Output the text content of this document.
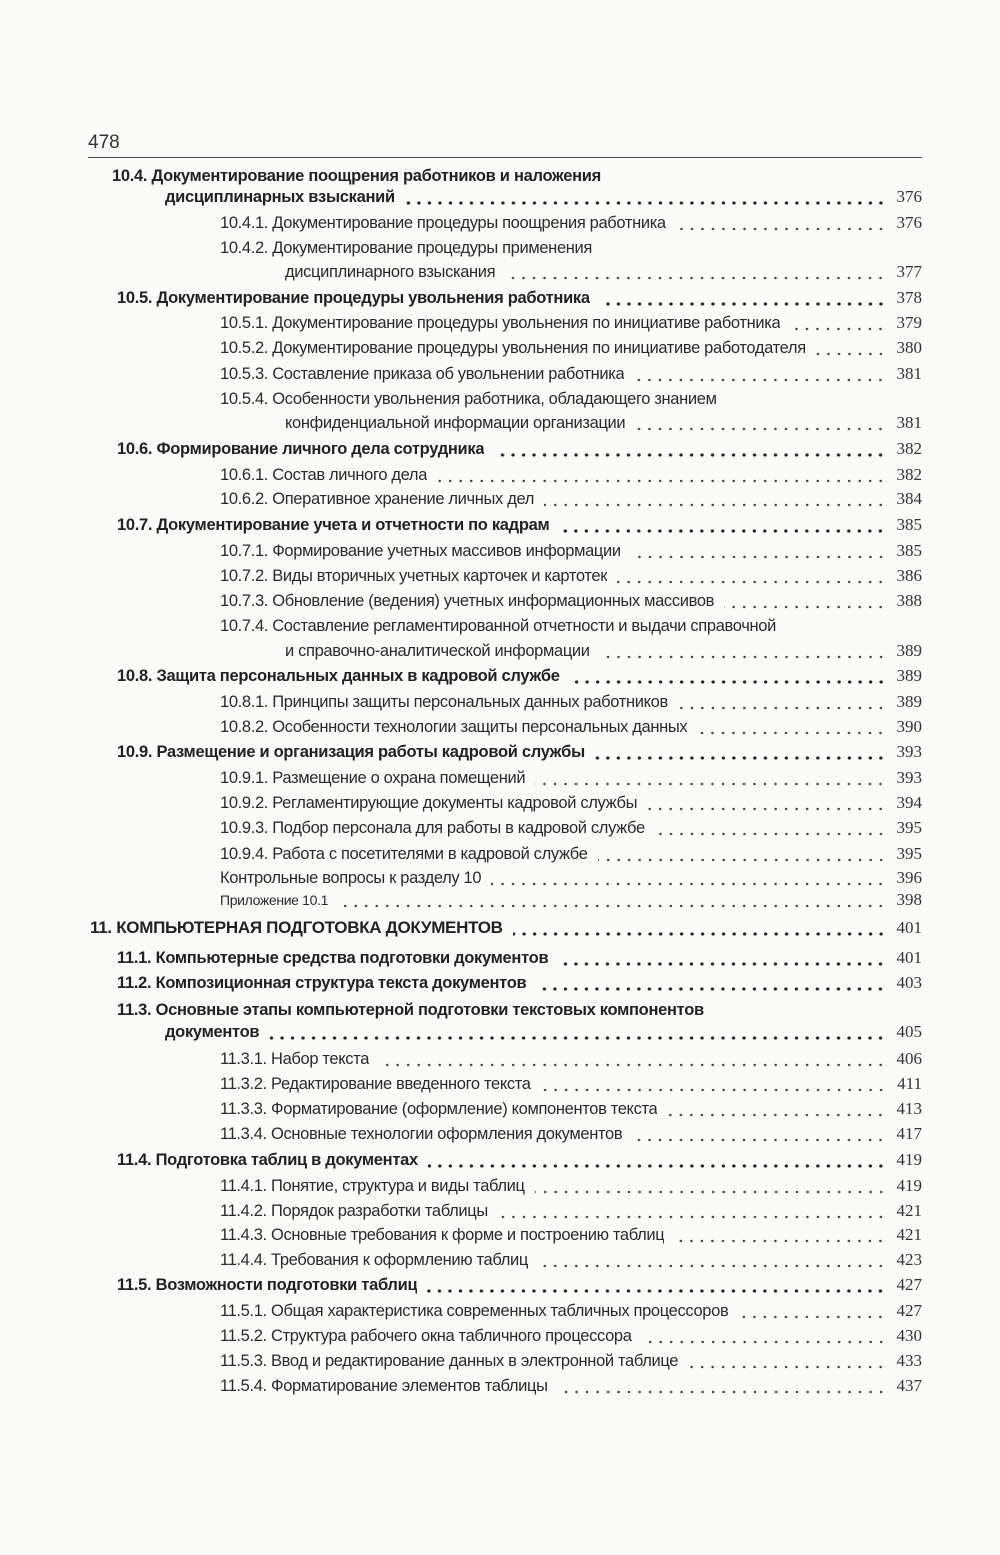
478
10.4. Документирование поощрения работников и наложения
дисциплинарных взысканий	376
10.4.1. Документирование процедуры поощрения работника	376
10.4.2. Документирование процедуры применения
дисциплинарного взыскания	377
10.5. Документирование процедуры увольнения работника	378
10.5.1. Документирование процедуры увольнения по инициативе работника	379
10.5.2. Документирование процедуры увольнения по инициативе работодателя	380
10.5.3. Составление приказа об увольнении работника	381
10.5.4. Особенности увольнения работника, обладающего знанием
конфиденциальной информации организации	381
10.6. Формирование личного дела сотрудника	382
10.6.1. Состав личного дела	382
10.6.2. Оперативное хранение личных дел	384
10.7. Документирование учета и отчетности по кадрам	385
10.7.1. Формирование учетных массивов информации	385
10.7.2. Виды вторичных учетных карточек и картотек	386
10.7.3. Обновление (ведения) учетных информационных массивов	388
10.7.4. Составление регламентированной отчетности и выдачи справочной
и справочно-аналитической информации	389
10.8. Защита персональных данных в кадровой службе	389
10.8.1. Принципы защиты персональных данных работников	389
10.8.2. Особенности технологии защиты персональных данных	390
10.9. Размещение и организация работы кадровой службы	393
10.9.1. Размещение о охрана помещений	393
10.9.2. Регламентирующие документы кадровой службы	394
10.9.3. Подбор персонала для работы в кадровой службе	395
10.9.4. Работа с посетителями в кадровой службе	395
Контрольные вопросы к разделу 10	396
Приложение 10.1	398
11. КОМПЬЮТЕРНАЯ ПОДГОТОВКА ДОКУМЕНТОВ	401
11.1. Компьютерные средства подготовки документов	401
11.2. Композиционная структура текста документов	403
11.3. Основные этапы компьютерной подготовки текстовых компонентов
документов	405
11.3.1. Набор текста	406
11.3.2. Редактирование введенного текста	411
11.3.3. Форматирование (оформление) компонентов текста	413
11.3.4. Основные технологии оформления документов	417
11.4. Подготовка таблиц в документах	419
11.4.1. Понятие, структура и виды таблиц	419
11.4.2. Порядок разработки таблицы	421
11.4.3. Основные требования к форме и построению таблиц	421
11.4.4. Требования к оформлению таблиц	423
11.5. Возможности подготовки таблиц	427
11.5.1. Общая характеристика современных табличных процессоров	427
11.5.2. Структура рабочего окна табличного процессора	430
11.5.3. Ввод и редактирование данных в электронной таблице	433
11.5.4. Форматирование элементов таблицы	437
